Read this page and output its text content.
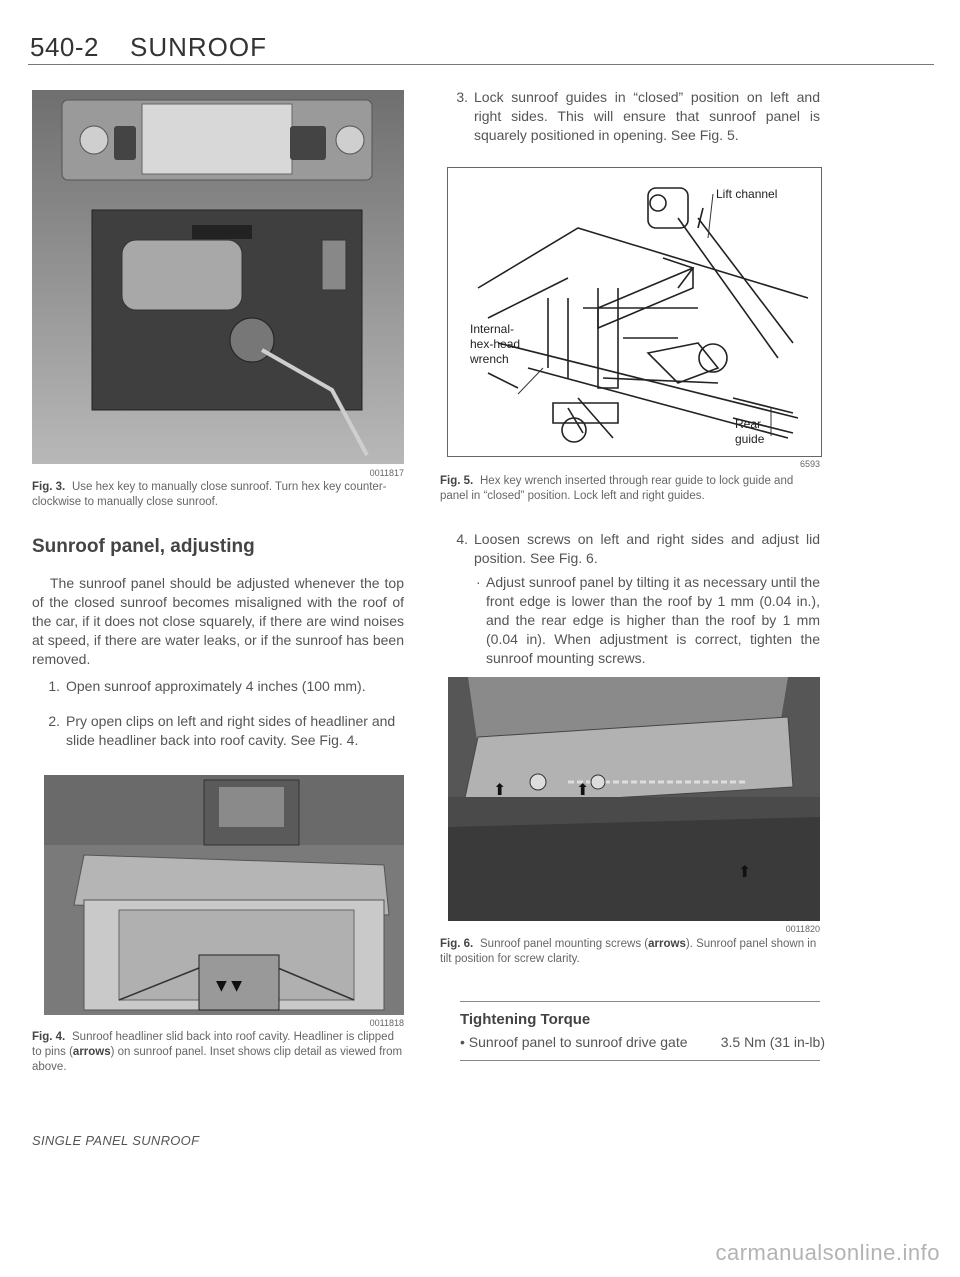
540-2 SUNROOF
0011817
Fig. 3. Use hex key to manually close sunroof. Turn hex key counter-clockwise to manually close sunroof.
Sunroof panel, adjusting
The sunroof panel should be adjusted whenever the top of the closed sunroof becomes misaligned with the roof of the car, if it does not close squarely, if there are wind noises at speed, if there are water leaks, or if the sunroof has been removed.
1. Open sunroof approximately 4 inches (100 mm).
2. Pry open clips on left and right sides of headliner and slide headliner back into roof cavity. See Fig. 4.
▼ ▼
0011818
Fig. 4. Sunroof headliner slid back into roof cavity. Headliner is clipped to pins (arrows) on sunroof panel. Inset shows clip detail as viewed from above.
3. Lock sunroof guides in “closed” position on left and right sides. This will ensure that sunroof panel is squarely positioned in opening. See Fig. 5.
Lift channel
Internal-
hex-head
wrench
Rear
guide
6593
Fig. 5. Hex key wrench inserted through rear guide to lock guide and panel in “closed” position. Lock left and right guides.
4. Loosen screws on left and right sides and adjust lid position. See Fig. 6.
· Adjust sunroof panel by tilting it as necessary until the front edge is lower than the roof by 1 mm (0.04 in.), and the rear edge is higher than the roof by 1 mm (0.04 in). When adjustment is correct, tighten the sunroof mounting screws.
⬆	⬆
⬆
0011820
Fig. 6. Sunroof panel mounting screws (arrows). Sunroof panel shown in tilt position for screw clarity.
Tightening Torque
• Sunroof panel to sunroof drive gate 3.5 Nm (31 in-lb)
SINGLE PANEL SUNROOF
carmanualsonline.info
